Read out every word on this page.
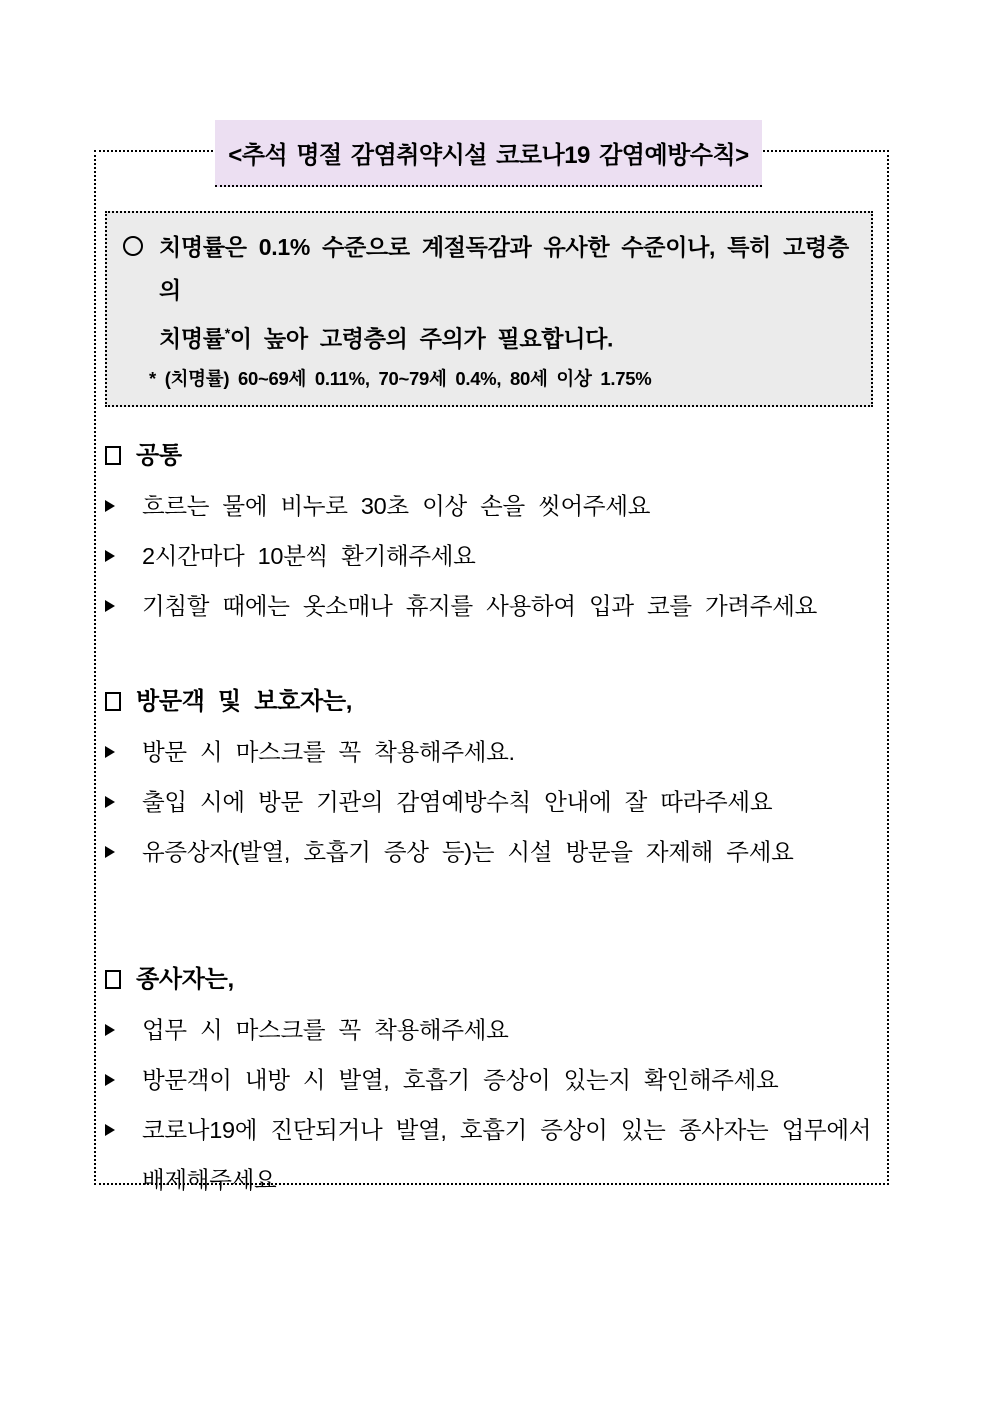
<추석 명절 감염취약시설 코로나19 감염예방수칙>
치명률은 0.1% 수준으로 계절독감과 유사한 수준이나, 특히 고령층의
치명률*이 높아 고령층의 주의가 필요합니다.
* (치명률) 60~69세 0.11%, 70~79세 0.4%, 80세 이상 1.75%
공통
흐르는 물에 비누로 30초 이상 손을 씻어주세요
2시간마다 10분씩 환기해주세요
기침할 때에는 옷소매나 휴지를 사용하여 입과 코를 가려주세요
방문객 및 보호자는,
방문 시 마스크를 꼭 착용해주세요.
출입 시에 방문 기관의 감염예방수칙 안내에 잘 따라주세요
유증상자(발열, 호흡기 증상 등)는 시설 방문을 자제해 주세요
종사자는,
업무 시 마스크를 꼭 착용해주세요
방문객이 내방 시 발열, 호흡기 증상이 있는지 확인해주세요
코로나19에 진단되거나 발열, 호흡기 증상이 있는 종사자는 업무에서 배제해주세요
